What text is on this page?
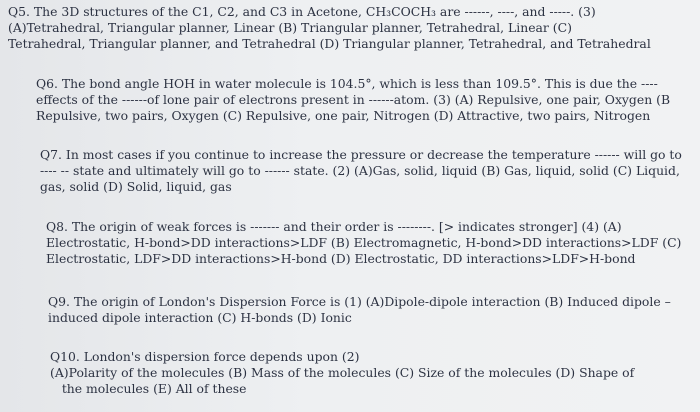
Q5. The 3D structures of the C1, C2, and C3 in Acetone, CH₃COCH₃ are ------, ----, and -----. (3)
(A)Tetrahedral, Triangular planner, Linear (B) Triangular planner, Tetrahedral, Linear (C)
Tetrahedral, Triangular planner, and Tetrahedral (D) Triangular planner, Tetrahedral, and Tetrahedral
Q6. The bond angle HOH in water molecule is 104.5°, which is less than 109.5°. This is due the ----
effects of the ------of lone pair of electrons present in ------atom. (3) (A) Repulsive, one pair, Oxygen (B
Repulsive, two pairs, Oxygen (C) Repulsive, one pair, Nitrogen (D) Attractive, two pairs, Nitrogen
Q7. In most cases if you continue to increase the pressure or decrease the temperature ------ will go to
---- -- state and ultimately will go to ------ state. (2) (A)Gas, solid, liquid (B) Gas, liquid, solid (C) Liquid,
gas, solid (D) Solid, liquid, gas
Q8. The origin of weak forces is ------- and their order is --------. [> indicates stronger] (4) (A)
Electrostatic, H-bond>DD interactions>LDF (B) Electromagnetic, H-bond>DD interactions>LDF (C)
Electrostatic, LDF>DD interactions>H-bond (D) Electrostatic, DD interactions>LDF>H-bond
Q9. The origin of London's Dispersion Force is (1) (A)Dipole-dipole interaction (B) Induced dipole –
induced dipole interaction (C) H-bonds (D) Ionic
Q10. London's dispersion force depends upon (2)
(A)Polarity of the molecules (B) Mass of the molecules (C) Size of the molecules (D) Shape of
the molecules (E) All of these
